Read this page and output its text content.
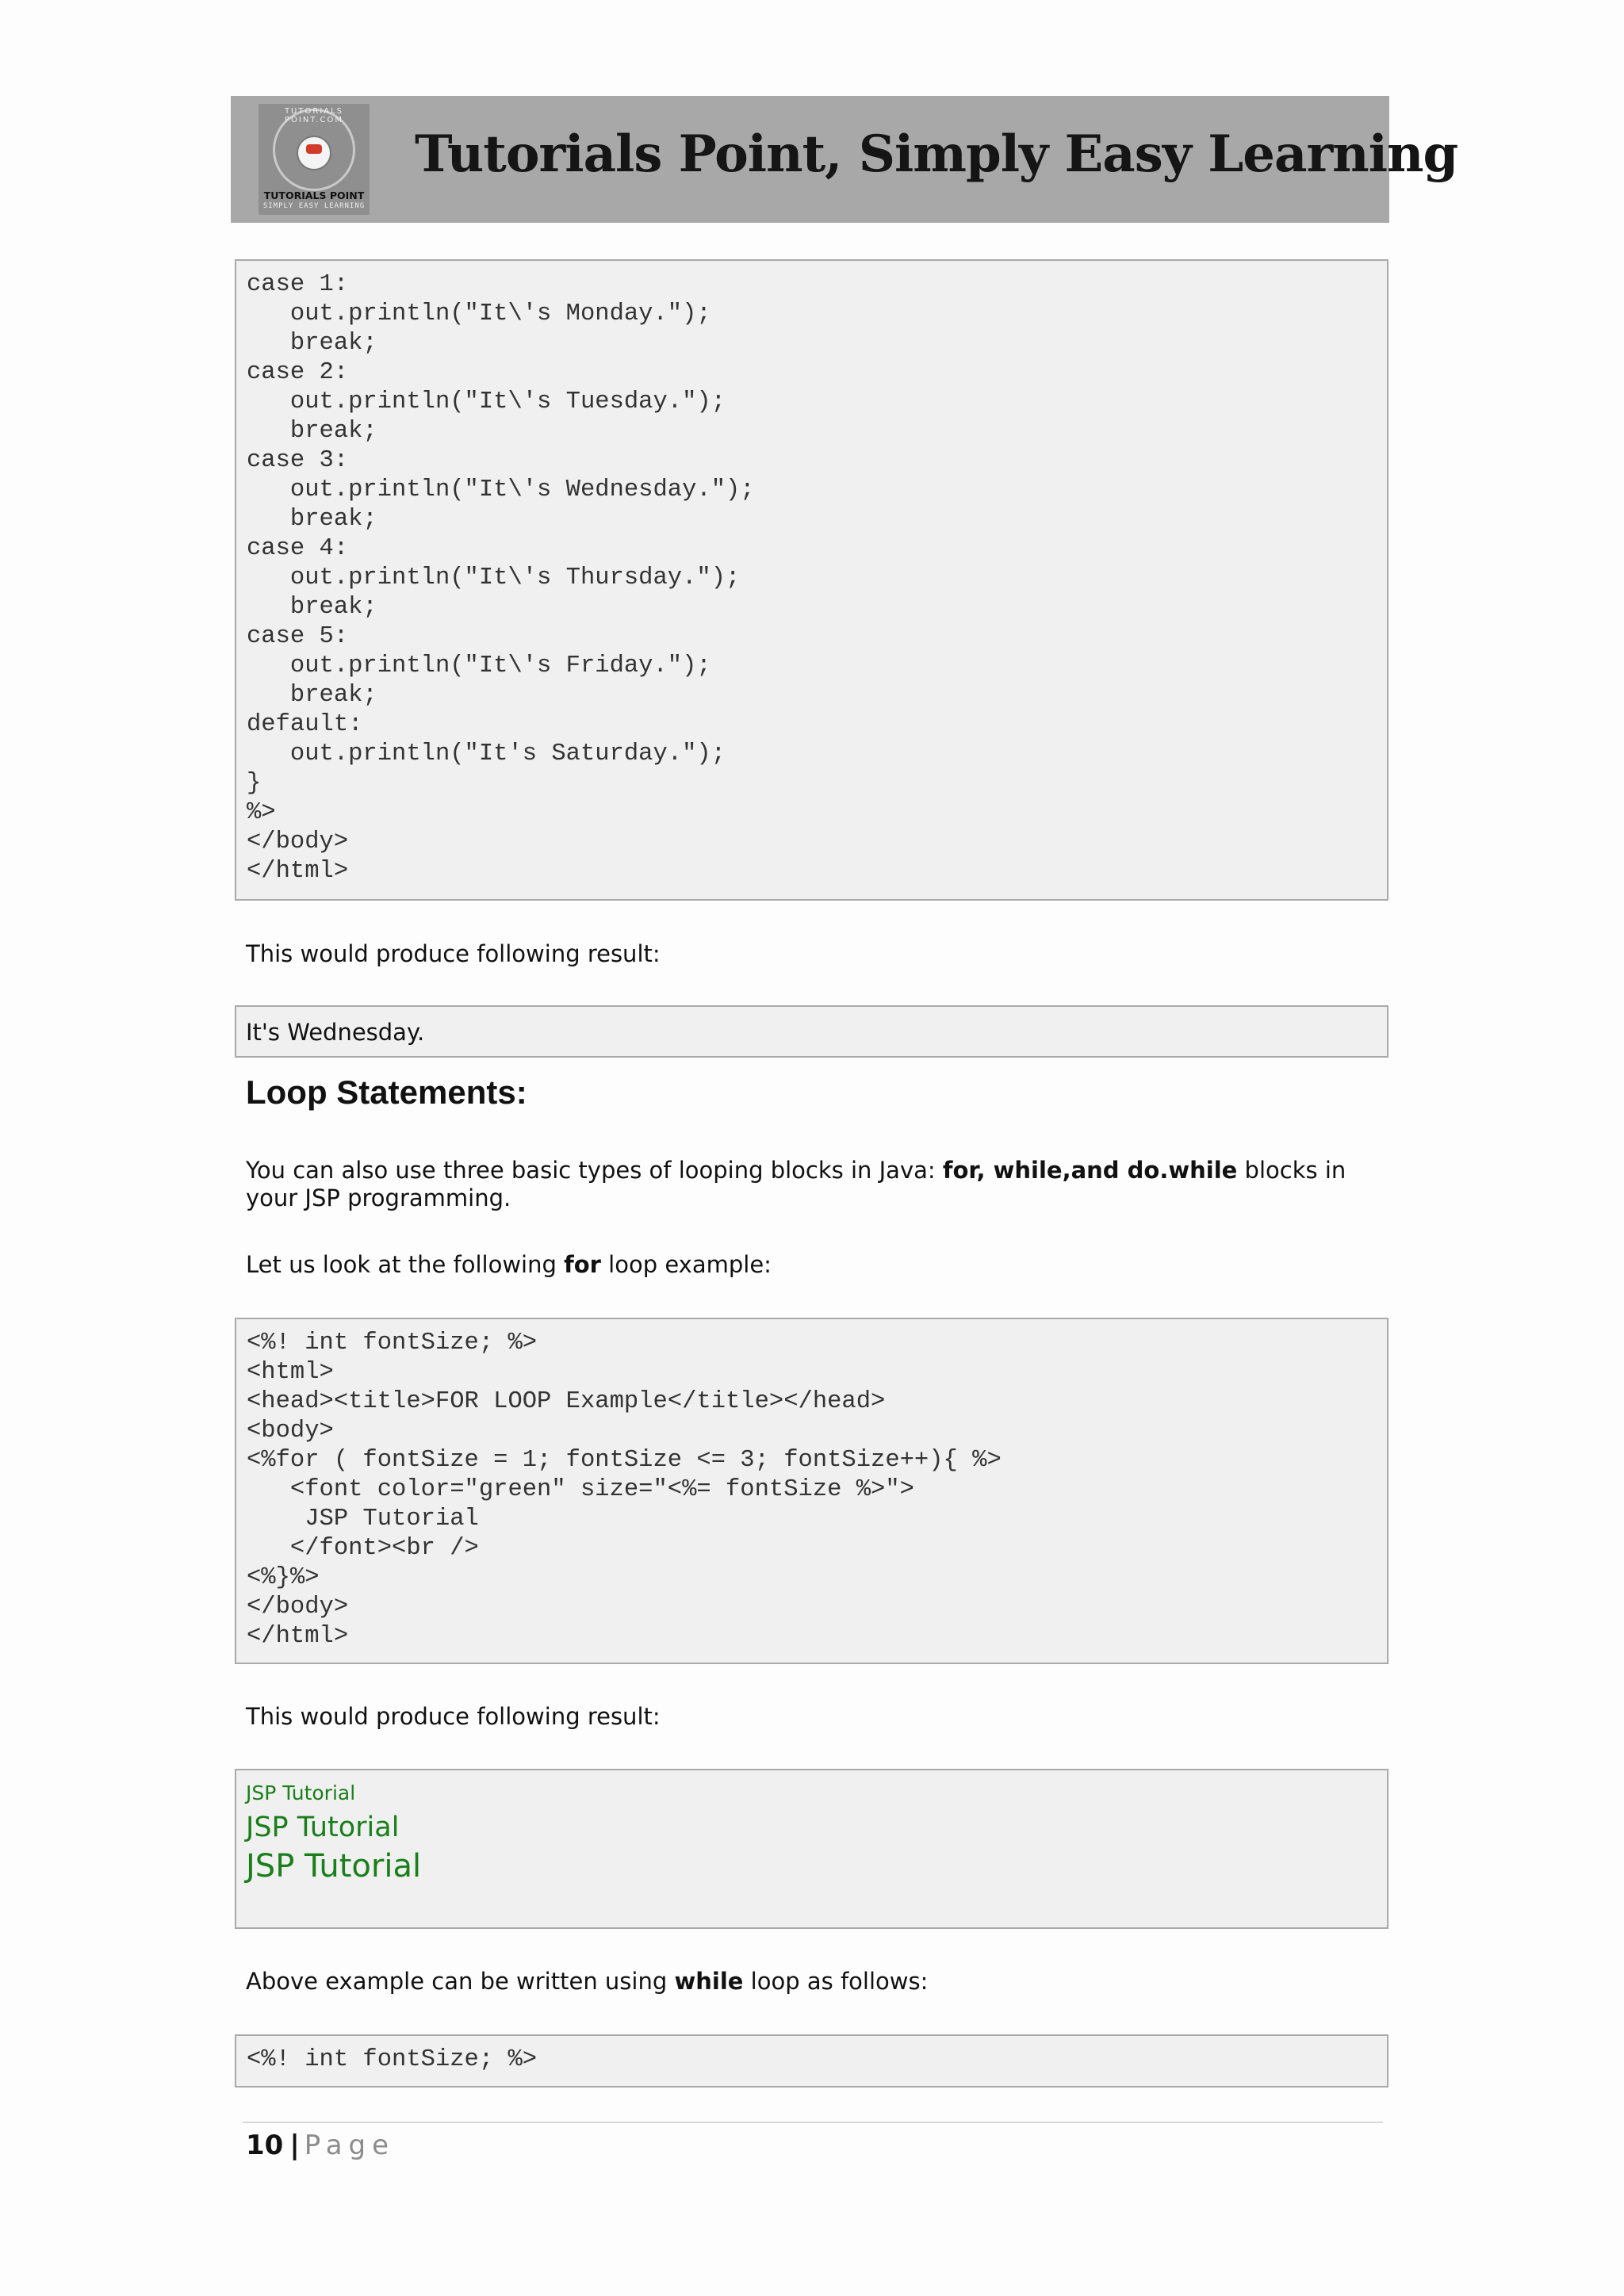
TUTORIALS POINT.COM
TUTORIALS POINT
SIMPLY EASY LEARNING
Tutorials Point, Simply Easy Learning
case 1:
out.println("It\'s Monday.");
break;
case 2:
out.println("It\'s Tuesday.");
break;
case 3:
out.println("It\'s Wednesday.");
break;
case 4:
out.println("It\'s Thursday.");
break;
case 5:
out.println("It\'s Friday.");
break;
default:
out.println("It's Saturday.");
}
%>
</body>
</html>
This would produce following result:
It's Wednesday.
Loop Statements:
You can also use three basic types of looping blocks in Java: for, while,and do.while blocks in your JSP programming.
Let us look at the following for loop example:
<%! int fontSize; %>
<html>
<head><title>FOR LOOP Example</title></head>
<body>
<%for ( fontSize = 1; fontSize <= 3; fontSize++){ %>
<font color="green" size="<%= fontSize %>">
JSP Tutorial
</font><br />
<%}%>
</body>
</html>
This would produce following result:
JSP Tutorial
JSP Tutorial
JSP Tutorial
Above example can be written using while loop as follows:
<%! int fontSize; %>
10 | Page
